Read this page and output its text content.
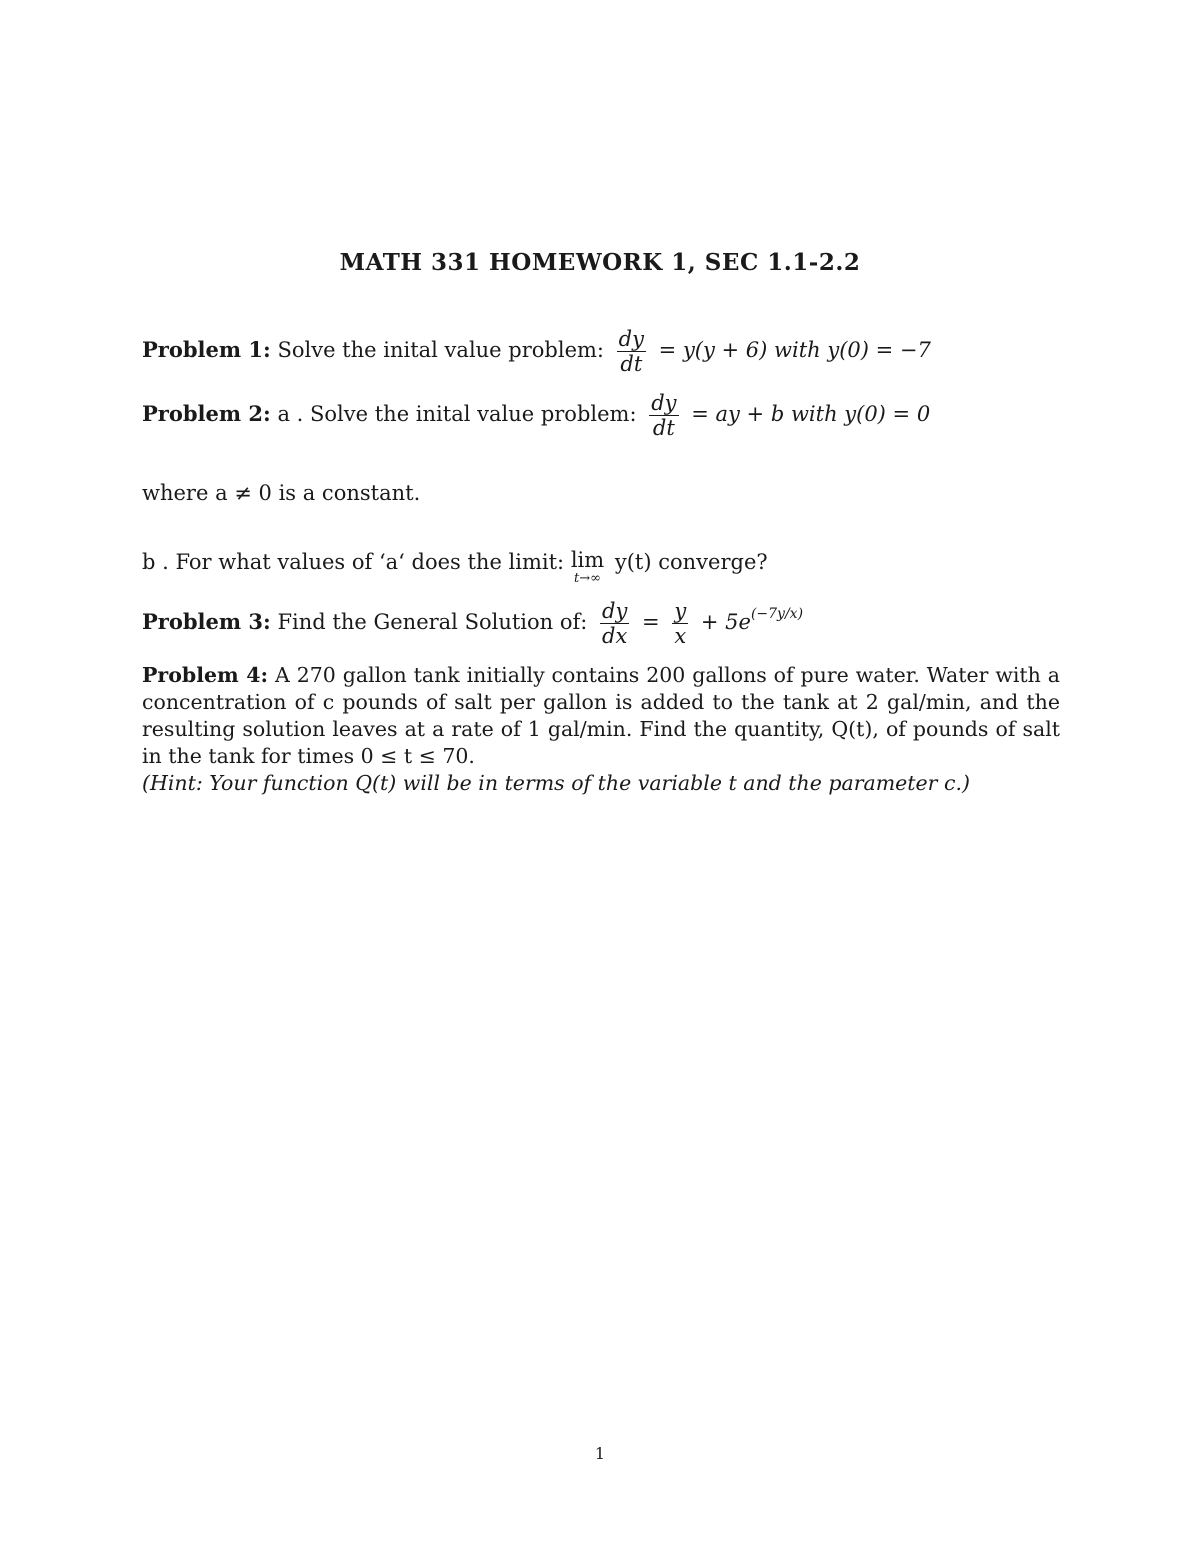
MATH 331 HOMEWORK 1, SEC 1.1-2.2
Problem 1: Solve the inital value problem: $\frac{dy}{dt} = y(y + 6)$ with y(0) = −7
Problem 2: a . Solve the inital value problem: $\frac{dy}{dt}$ = ay + b with y(0) = 0
where a ≠ 0 is a constant.
b . For what values of ‘a‘ does the limit: lim
t→∞
y(t) converge?
Problem 3: Find the General Solution of: $\frac{dy}{dx} = \frac{y}{x} + 5e^{(-7y/x)}$
Problem 4: A 270 gallon tank initially contains 200 gallons of pure water. Water with a concentration of c pounds of salt per gallon is added to the tank at 2 gal/min, and the resulting solution leaves at a rate of 1 gal/min. Find the quantity, Q(t), of pounds of salt in the tank for times 0 ≤ t ≤ 70.
(Hint: Your function Q(t) will be in terms of the variable t and the parameter c.)
1
